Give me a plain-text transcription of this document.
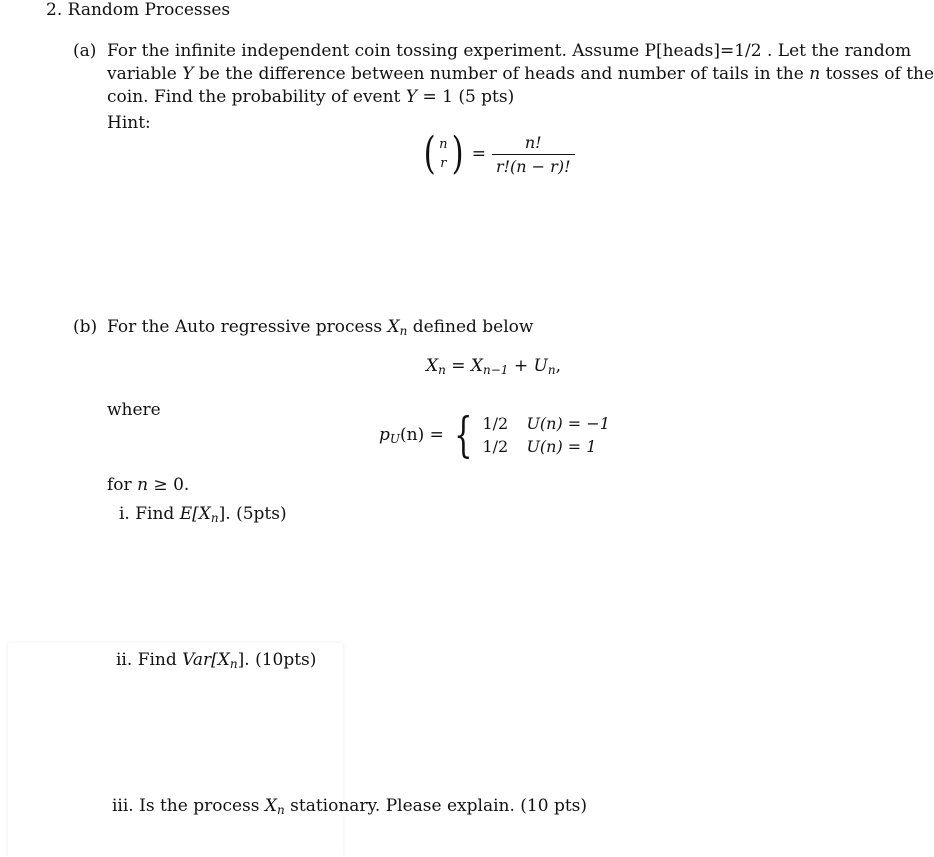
2. Random Processes
(a) For the infinite independent coin tossing experiment. Assume P[heads]=1/2 . Let the random
variable Y be the difference between number of heads and number of tails in the n tosses of the
coin. Find the probability of event Y = 1 (5 pts)
Hint:
( n
r ) = $\frac{n!}{r!(n - r)!}$
(b) For the Auto regressive process $X_n$ defined below
$X_n = X_{n-1} + U_n$,
where
$p_U(n)$ = { 1/2 U(n) = −1
1/2 U(n) = 1
for n ≥ 0.
i. Find $E[X_n]$. (5pts)
ii. Find $Var[X_n]$. (10pts)
iii. Is the process $X_n$ stationary. Please explain. (10 pts)
